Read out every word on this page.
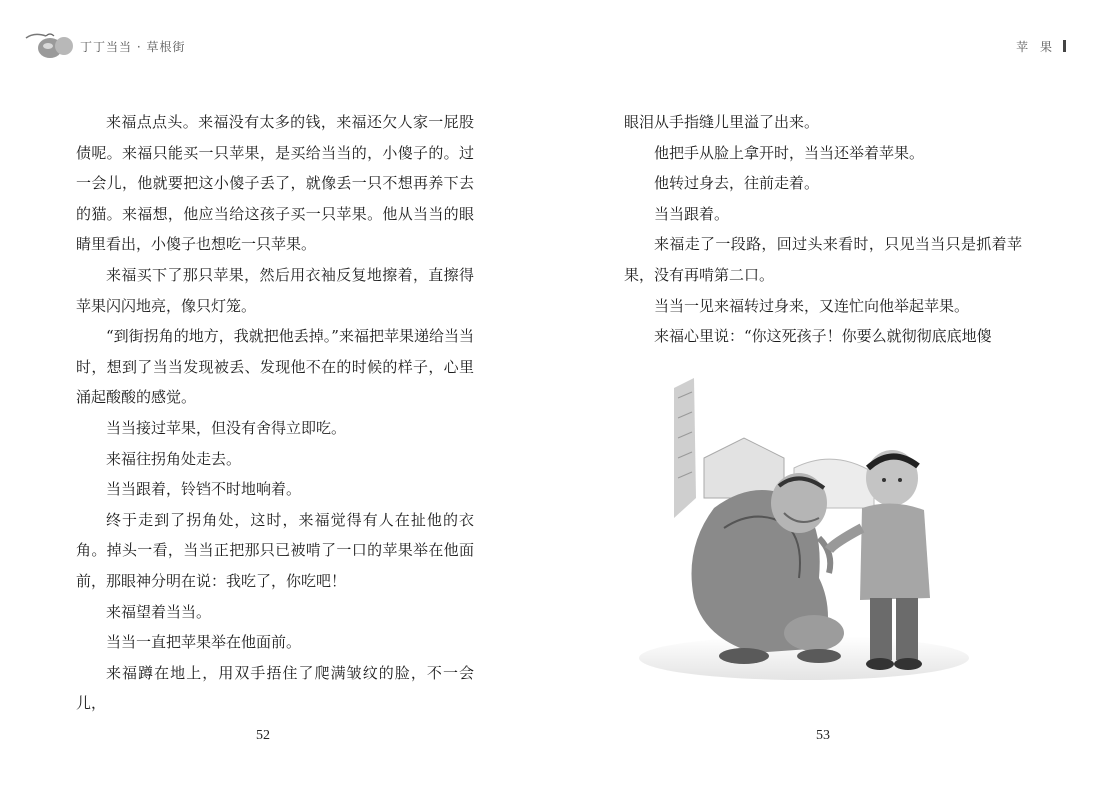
丁丁当当 · 草根街

来福点点头。来福没有太多的钱，来福还欠人家一屁股债呢。来福只能买一只苹果，是买给当当的，小傻子的。过一会儿，他就要把这小傻子丢了，就像丢一只不想再养下去的猫。来福想，他应当给这孩子买一只苹果。他从当当的眼睛里看出，小傻子也想吃一只苹果。

来福买下了那只苹果，然后用衣袖反复地擦着，直擦得苹果闪闪地亮，像只灯笼。

“到街拐角的地方，我就把他丢掉。”来福把苹果递给当当时，想到了当当发现被丢、发现他不在的时候的样子，心里涌起酸酸的感觉。

当当接过苹果，但没有舍得立即吃。

来福往拐角处走去。

当当跟着，铃铛不时地响着。

终于走到了拐角处，这时，来福觉得有人在扯他的衣角。掉头一看，当当正把那只已被啃了一口的苹果举在他面前，那眼神分明在说：我吃了，你吃吧！

来福望着当当。

当当一直把苹果举在他面前。

来福蹲在地上，用双手捂住了爬满皱纹的脸，不一会儿，

52
苹 果

眼泪从手指缝儿里溢了出来。

他把手从脸上拿开时，当当还举着苹果。

他转过身去，往前走着。

当当跟着。

来福走了一段路，回过头来看时，只见当当只是抓着苹果，没有再啃第二口。

当当一见来福转过身来，又连忙向他举起苹果。

来福心里说：“你这死孩子！你要么就彻彻底底地傻

53
